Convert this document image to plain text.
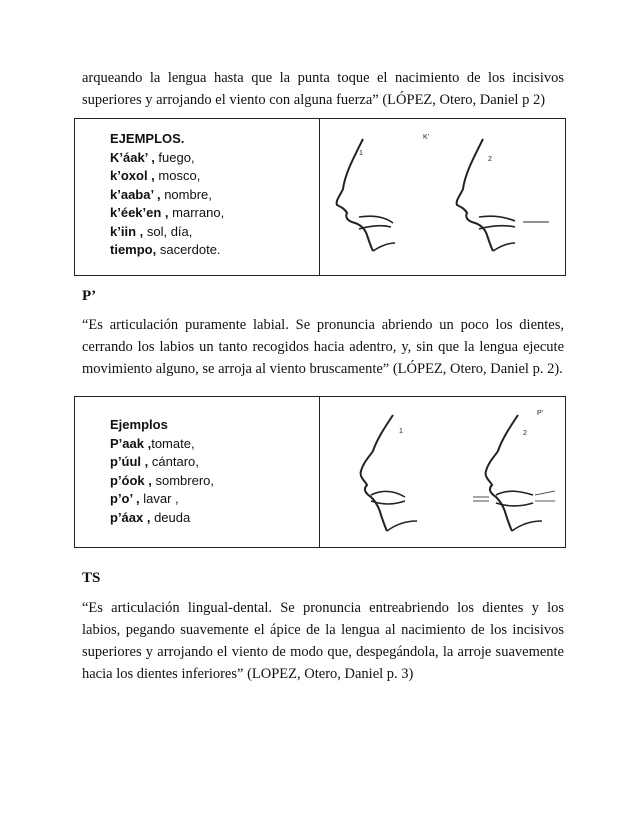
arqueando la lengua hasta que la punta toque el nacimiento de los incisivos superiores y arrojando el viento con alguna fuerza” (LÓPEZ, Otero, Daniel p 2)
EJEMPLOS.
K’áak’ , fuego,
k’oxol , mosco,
k’aaba’ , nombre,
k’éek’en , marrano,
k’iin , sol, día,
tiempo, sacerdote.
K’
1
2
P’
“Es articulación puramente labial. Se pronuncia abriendo un poco los dientes, cerrando los labios un tanto recogidos hacia adentro, y, sin que la lengua ejecute movimiento alguno, se arroja al viento bruscamente” (LÓPEZ, Otero, Daniel p. 2).
Ejemplos
P’aak ,tomate,
p’úul , cántaro,
p’óok , sombrero,
p’o’ , lavar ,
p’áax , deuda
P’
1	2
TS
“Es articulación lingual-dental. Se pronuncia entreabriendo los dientes y los labios, pegando suavemente el ápice de la lengua al nacimiento de los incisivos superiores y arrojando el viento de modo que, despegándola, la arroje suavemente hacia los dientes inferiores” (LOPEZ, Otero, Daniel p. 3)
